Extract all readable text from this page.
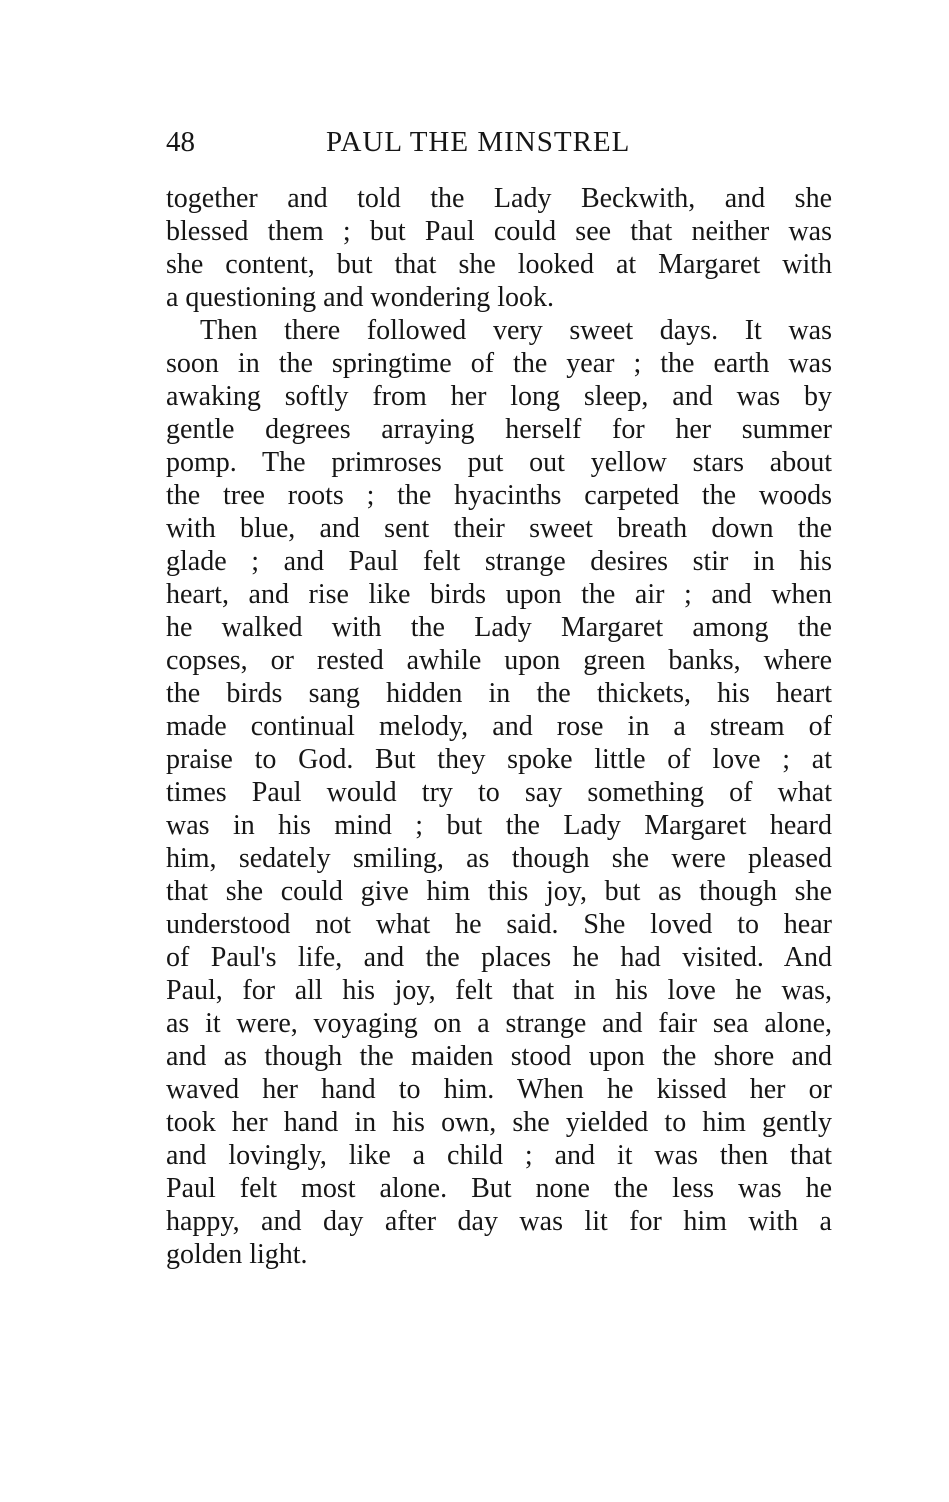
48	PAUL THE MINSTREL
together and told the Lady Beckwith, and she
blessed them ; but Paul could see that neither was
she content, but that she looked at Margaret with
a questioning and wondering look.
Then there followed very sweet days. It was
soon in the springtime of the year ; the earth was
awaking softly from her long sleep, and was by
gentle degrees arraying herself for her summer
pomp. The primroses put out yellow stars about
the tree roots ; the hyacinths carpeted the woods
with blue, and sent their sweet breath down the
glade ; and Paul felt strange desires stir in his
heart, and rise like birds upon the air ; and when
he walked with the Lady Margaret among the
copses, or rested awhile upon green banks, where
the birds sang hidden in the thickets, his heart
made continual melody, and rose in a stream of
praise to God. But they spoke little of love ; at
times Paul would try to say something of what
was in his mind ; but the Lady Margaret heard
him, sedately smiling, as though she were pleased
that she could give him this joy, but as though she
understood not what he said. She loved to hear
of Paul's life, and the places he had visited. And
Paul, for all his joy, felt that in his love he was,
as it were, voyaging on a strange and fair sea alone,
and as though the maiden stood upon the shore and
waved her hand to him. When he kissed her or
took her hand in his own, she yielded to him gently
and lovingly, like a child ; and it was then that
Paul felt most alone. But none the less was he
happy, and day after day was lit for him with a
golden light.
